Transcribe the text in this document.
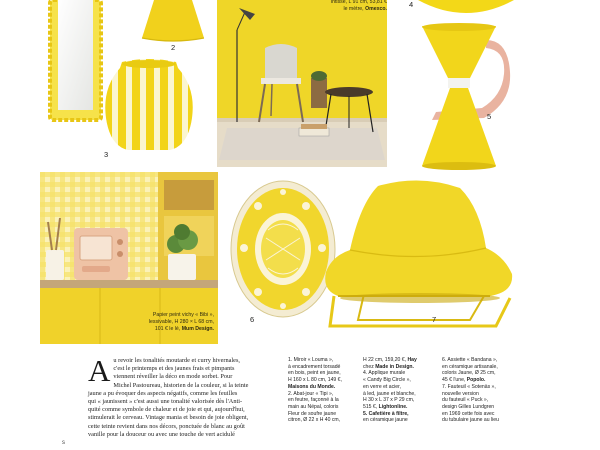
3
2
intissé, L 91 cm, 53,81 €
le mètre, Omexco.	4
5
Papier peint vichy « Bibi »,
lessivable, H 280 × L 68 cm,
101 € le lé, Mum Design.
6	7
A u revoir les tonalités moutarde et curry hivernales,
c'est le printemps et des jaunes frais et pimpants
viennent réveiller la déco en mode sorbet. Pour
Michel Pastoureau, historien de la couleur, si la teinte
jaune a pu évoquer des aspects négatifs, comme les feuilles
qui « jaunissent » c'est aussi une tonalité valorisée dès l'Anti-
quité comme symbole de chaleur et de joie et qui, aujourd'hui,
stimulerait le cerveau. Vintage mania et besoin de joie obligent,
cette teinte revient dans nos décors, ponctuée de blanc au goût
vanille pour la douceur ou avec une touche de vert acidulé
1. Miroir « Louma »,
à encadrement torsadé
en bois, peint en jaune,
H 160 x L 80 cm, 149 €,
Maisons du Monde.
2. Abat-jour « Tipi »,
en feutre, façonné à la
main au Népal, coloris
Fleur de soufre jaune
citron, Ø 22 x H 40 cm,
H 22 cm, 159,20 €, Hay
chez Made in Design.
4. Applique murale
« Candy Big Circle »,
en verre et acier,
à led, jaune et blanche,
H 30 x L 37 x P 29 cm,
515 €, Lightonline.
5. Cafetière à filtre,
en céramique jaune
6. Assiette « Bandana »,
en céramique artisanale,
coloris Jaune, Ø 25 cm,
45 € l'une, Popolo.
7. Fauteuil « Sotenäs »,
nouvelle version
du fauteuil « Puck »,
design Gilles Lundgren
en 1969 cette fois avec
du tubulaire jaune au lieu
s
